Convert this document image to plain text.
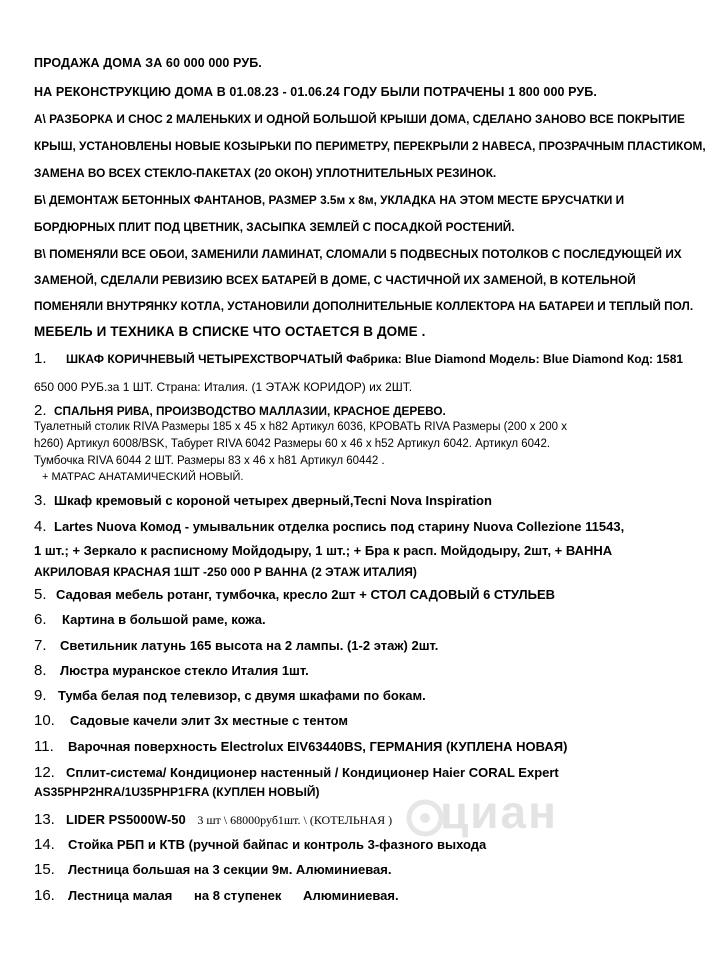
ПРОДАЖА ДОМА ЗА 60 000 000 РУБ.
НА РЕКОНСТРУКЦИЮ ДОМА В 01.08.23 - 01.06.24 ГОДУ БЫЛИ ПОТРАЧЕНЫ 1 800 000 РУБ.
А\ РАЗБОРКА И СНОС 2 МАЛЕНЬКИХ И ОДНОЙ БОЛЬШОЙ КРЫШИ ДОМА, СДЕЛАНО ЗАНОВО ВСЕ ПОКРЫТИЕ
КРЫШ, УСТАНОВЛЕНЫ НОВЫЕ КОЗЫРЬКИ ПО ПЕРИМЕТРУ, ПЕРЕКРЫЛИ 2 НАВЕСА, ПРОЗРАЧНЫМ ПЛАСТИКОМ,
ЗАМЕНА ВО ВСЕХ СТЕКЛО-ПАКЕТАХ (20 ОКОН) УПЛОТНИТЕЛЬНЫХ РЕЗИНОК.
Б\ ДЕМОНТАЖ БЕТОННЫХ ФАНТАНОВ, РАЗМЕР 3.5м х 8м, УКЛАДКА НА ЭТОМ МЕСТЕ БРУСЧАТКИ И
БОРДЮРНЫХ ПЛИТ ПОД ЦВЕТНИК, ЗАСЫПКА ЗЕМЛЕЙ С ПОСАДКОЙ РОСТЕНИЙ.
В\ ПОМЕНЯЛИ ВСЕ ОБОИ, ЗАМЕНИЛИ ЛАМИНАТ, СЛОМАЛИ 5 ПОДВЕСНЫХ ПОТОЛКОВ С ПОСЛЕДУЮЩЕЙ ИХ
ЗАМЕНОЙ, СДЕЛАЛИ РЕВИЗИЮ ВСЕХ БАТАРЕЙ В ДОМЕ, С ЧАСТИЧНОЙ ИХ ЗАМЕНОЙ, В КОТЕЛЬНОЙ
ПОМЕНЯЛИ ВНУТРЯНКУ КОТЛА, УСТАНОВИЛИ ДОПОЛНИТЕЛЬНЫЕ КОЛЛЕКТОРА НА БАТАРЕИ И ТЕПЛЫЙ ПОЛ.
МЕБЕЛЬ И ТЕХНИКА В СПИСКЕ ЧТО ОСТАЕТСЯ В ДОМЕ .
1. ШКАФ КОРИЧНЕВЫЙ ЧЕТЫРЕХСТВОРЧАТЫЙ Фабрика: Blue Diamond Модель: Blue Diamond Код: 1581
650 000 РУБ.за 1 ШТ. Страна: Италия. (1 ЭТАЖ КОРИДОР) их 2ШТ.
2. СПАЛЬНЯ РИВА, ПРОИЗВОДСТВО МАЛЛАЗИИ, КРАСНОЕ ДЕРЕВО.
Туалетный столик RIVA Размеры 185 х 45 х h82 Артикул 6036, КРОВАТЬ RIVA Размеры (200 х 200 х
h260) Артикул 6008/BSK, Табурет RIVA 6042 Размеры 60 х 46 х h52 Артикул 6042. Артикул 6042.
Тумбочка RIVA 6044 2 ШТ. Размеры 83 х 46 х h81 Артикул 60442 .
+ МАТРАС АНАТАМИЧЕСКИЙ НОВЫЙ.
3. Шкаф кремовый с короной четырех дверный,Tecni Nova Inspiration
4. Lartes Nuova Комод - умывальник отделка роспись под старину Nuova Collezione 11543,
1 шт.; + Зеркало к расписному Мойдодыру, 1 шт.; + Бра к расп. Мойдодыру, 2шт, + ВАННА
АКРИЛОВАЯ КРАСНАЯ 1ШТ -250 000 Р ВАННА (2 ЭТАЖ ИТАЛИЯ)
5. Садовая мебель ротанг, тумбочка, кресло 2шт + СТОЛ САДОВЫЙ 6 СТУЛЬЕВ
6. Картина в большой раме, кожа.
7. Светильник латунь 165 высота на 2 лампы. (1-2 этаж) 2шт.
8. Люстра муранское стекло Италия 1шт.
9. Тумба белая под телевизор, с двумя шкафами по бокам.
10. Садовые качели элит 3х местные с тентом
11. Варочная поверхность Electrolux EIV63440BS, ГЕРМАНИЯ (КУПЛЕНА НОВАЯ)
12. Сплит-система/ Кондиционер настенный / Кондиционер Haier CORAL Expert
AS35PHP2HRA/1U35PHP1FRA (КУПЛЕН НОВЫЙ)
13. LIDER PS5000W-50 3 шт \ 68000руб1шт. \ (КОТЕЛЬНАЯ )
14. Стойка РБП и КТВ (ручной байпас и контроль 3-фазного выхода
15. Лестница большая на 3 секции 9м. Алюминиевая.
16. Лестница малая      на 8 ступенек      Алюминиевая.
циан
